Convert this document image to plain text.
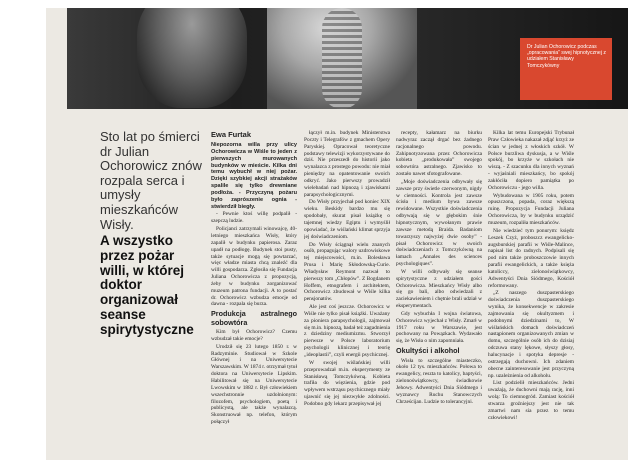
Dr Julian Ochorowicz podczas „opracowania” swej hipnotycznej z udziałem Stanisławy Tomczykówny
Sto lat po śmierci dr Julian Ochorowicz znów rozpala serca i umysły mieszkańców Wisły.
A wszystko przez pożar willi, w której doktor organizował seanse spirytystyczne
Ewa Furtak

Niepozorna willa przy ulicy Ochorowicza w Wiśle to jeden z pierwszych murowanych budynków w mieście. Kilka dni temu wybuchł w niej pożar. Dzięki szybkiej akcji strażaków spalile się tylko drewniane podłoża. - Przyczyną pożaru było zaprószenie ognia - stwierdził biegły.

- Pewnie ktoś willę podpalił - szepczą ludzie.

Policjanci zatrzymali winowajcę, 40-letniego mieszkańca Wisły, który zapalił w budynku papierosa. Zaraz upadł na podłogę. Budynek stoi pusty, także sytuacje mogą się powtarzać, więc władze miasta chcą znaleźć dla willi gospodarza. Zgłosiła się Fundacja Juliana Ochorowicza z propozycją, żeby w budynku zorganizować muzeum patrona fundacji. A to postać dr. Ochorowicz wzbudza emocje od dawna - rozpala się burza.

Produkcja astralnego sobowtóra

Kim był Ochorowicz? Czemu wzbudzał takie emocje?

Urodził się 23 lutego 1850 r. w Radzyminie. Studiował w Szkole Głównej i na Uniwersytecie Warszawskim. W 1874 r. otrzymał tytuł doktora na Uniwersytecie Lipskim. Habilitował się na Uniwersytecie Lwowskim w 1882 r. Był człowiekiem wszechstronnie uzdolnionym: filozofem, psychologiem, poetą i publicystą, ale także wynalazcą. Skonstruował np. telefon, którym połączył

łączył m.in. budynek Ministerstwa Poczty i Telegrafów z gmachem Opery Paryskiej. Opracował teoretyczne podstawy telewizji wykorzystywane do dziś. Nie przeszedł do historii jako wynalazca z prostego powodu: nie miał pieniędzy na opatentowanie swoich odkryć. Jako pierwszy prowadził wielebadań nad hipnozą i zjawiskami parapsychologicznymi.

Do Wisły przyjechał pod koniec XIX wieku. Beskidy bardzo mu się spodobały, skurat pisał książkę o tajemnej wiedzy Egiptu i wymyślił opowiadać, że wiślański klimat sprzyja jej doświadczeniom.

Do Wisły ściągnął wielu znanych osób, propagując walory uzdrowiskowe tej miejscowości, m.in. Bolesława Prusa i Marię Skłodowską-Curie. Władysław Reymont nazwał to pierwszy tom „Chłopów”. Z Bogdanem Hoffem, etnografem i architektem, Ochorowicz zbudował w Wiśle kilka pensjonatów.

Ale jest coś jeszcze. Ochorowicz w Wiśle nie tylko pisał książki. Uważany za pioniera parapsychologii, zajmował się m.in. hipnozą, badał też zagadnienia z dziedziny mediumizmu. Stworzył pierwsze w Polsce laboratorium psychologii klinicznej i teorię „ideoplastii”, czyli energii psychicznej.

W swojej wiślańskiej willi przeprowadzał m.in. eksperymenty ze Stanisławą Tomczykówną. Kobieta trafiła do więzienia, gdzie pod wpływem wstrząsu psychicznego miały ujawnić się jej niezwykłe zdolności. Podobno gdy lekarz przepisywał jej

recepty, kałamarz na biurku nadwyraz zaczął drgać bez żadnego racjonalnego powodu. Zahipnotyzowana przez Ochorowicza kobieta „produkowała” swojego sobowtóra astralnego. Zjawisko to zostało nawet sfotografowane.

„Moje doświadczenia odbywały się zawsze przy świetle czerwonym, nigdy w ciemności. Kontrola jest zawsze ścisła i medium bywa zawsze rewidowane. Wszystkie doświadczenia odbywają się w głębokim śnie hipnotycznym, wywołanym prawie zawsze metodą Braida. Badaniom towarzyszy najwyżej dwie osoby” - pisał Ochorowicz w swoich doświadczeniach z Tomczykówną na łamach „Annales des sciences psychologiques”.

W willi odbywały się seanse spirytystyczne z udziałem gości Ochorowicza. Mieszkańcy Wisły albo się go bali, albo odwiedzali z zaciekawieniem i chętnie brali udział w eksperymentach.

Gdy wybuchła I wojna światowa, Ochorowicz wyjechał z Wisły. Zmarł w 1917 roku w Warszawie, jest pochowany na Powązkach. Wydawało się, że Wisła o nim zapomniała.

Okultyści i alkohol

Wisła to szczególne miasteczko, około 12 tys. mieszkańców. Połowa to ewangelicy, reszta to katolicy, baptyści, zielonoświątkowcy, świadkowie Jehowy. Adwentyści Dnia Siódmego i wyznawcy Ruchu Stanowczych Chrześcijan. Ludzie to tolerancyjni.

Kilka lat temu Europejski Trybunał Praw Człowieka nakazał zdjąć krzyż ze ścian w jednej z włoskich szkół. W Polsce burzliwa dyskusja, a w Wiśle spokój, bo krzyże w szkołach nie wiszą. - Z szacunku dla innych wyznań - wyjaśniali mieszkańcy, bo spokój zakłóciła dopiero pamiątka po Ochorowiczu - jego willa.

Wybudowana w 1905 roku, potem opuszczona, popada, coraz większą ruinę. Propozycja Fundacji Juliana Ochorowicza, by w budynku urządzić muzeum, rozpaliła mieszkańców.

Nie wiedzieć tym ponurym: księdz Leszek Czyż, proboszcz ewangelicko-augsburskiej parafii w Wiśle-Malince, napisał list do radnych. Podpisali się pod nim także proboszczowie innych parafii ewangelickich, a także księża katoliccy, zielonoświątkowcy, Adwentyści Dnia Siódmego, Kościół reformowany.

„Z naszego duszpasterskiego doświadczenia duszpasterskiego wynika, że konsekwencje w zakresie zajmowania się okultyzmem i podobnymi dziedzinami to, W wiślańskich domach doświadczeń nastąpionem organizowanych zmian w domu, szczególnie osób ich do dzisiaj odczuwa stany lękowe, słyszy głosy, halucynacje i spotyka depresje - ostrzegają duchowni. Ich zdaniem obecne zainteresowanie jest przyczyną np. uzależnienia od alkoholu.

List podzielił mieszkańców. Jedni uważają, że duchowni mają rację, inni wolą: To ciemnogród. Zamiast kościół stwarza groźniejszy jest nie tak zmartwi nam sia przez to temu człowiekowi!
